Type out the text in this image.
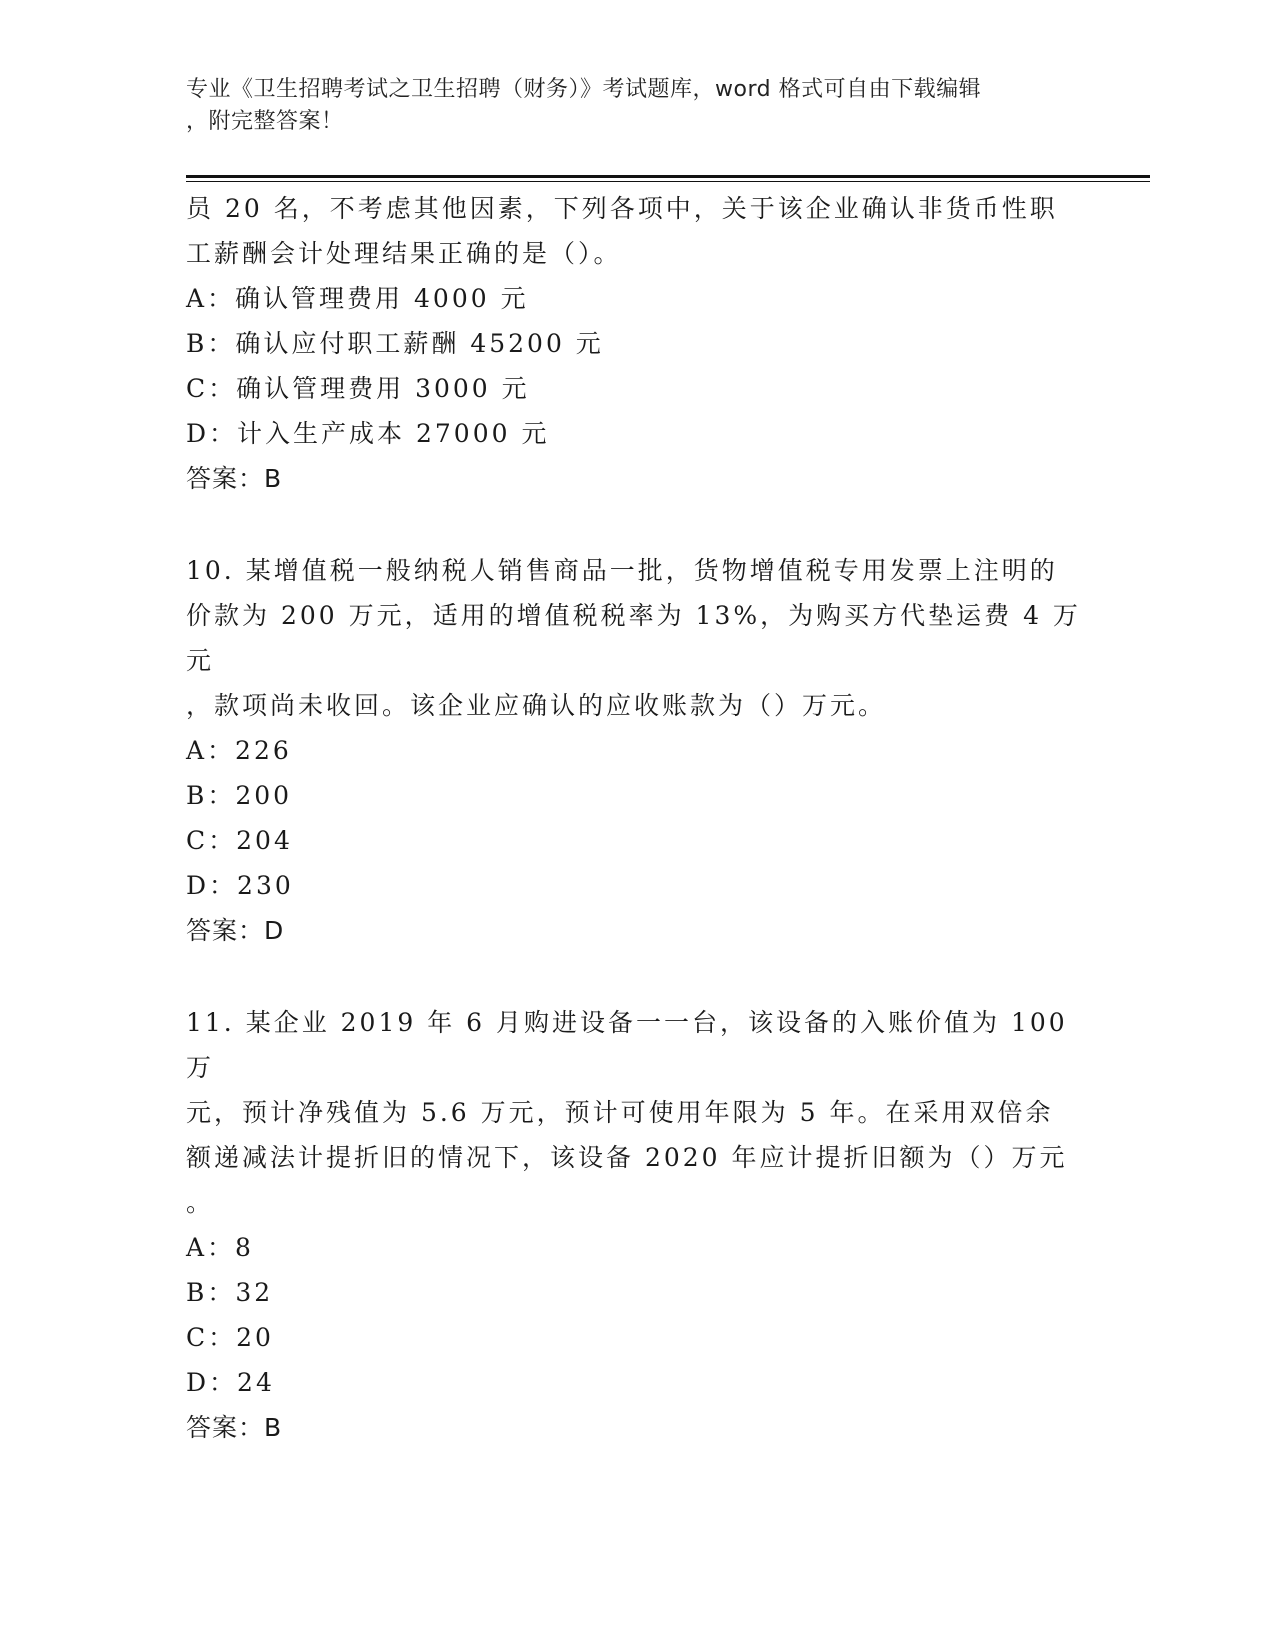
专业《卫生招聘考试之卫生招聘（财务）》考试题库，word 格式可自由下载编辑
，附完整答案！

员 20 名，不考虑其他因素，下列各项中，关于该企业确认非货币性职

工薪酬会计处理结果正确的是（）。

A：确认管理费用 4000 元

B：确认应付职工薪酬 45200 元

C：确认管理费用 3000 元

D：计入生产成本 27000 元

答案：B

10. 某增值税一般纳税人销售商品一批，货物增值税专用发票上注明的

价款为 200 万元，适用的增值税税率为 13%，为购买方代垫运费 4 万元

，款项尚未收回。该企业应确认的应收账款为（）万元。

A：226

B：200

C：204

D：230

答案：D

11. 某企业 2019 年 6 月购进设备一一台，该设备的入账价值为 100 万

元，预计净残值为 5.6 万元，预计可使用年限为 5 年。在采用双倍余

额递减法计提折旧的情况下，该设备 2020 年应计提折旧额为（）万元

。

A：8

B：32

C：20

D：24

答案：B
